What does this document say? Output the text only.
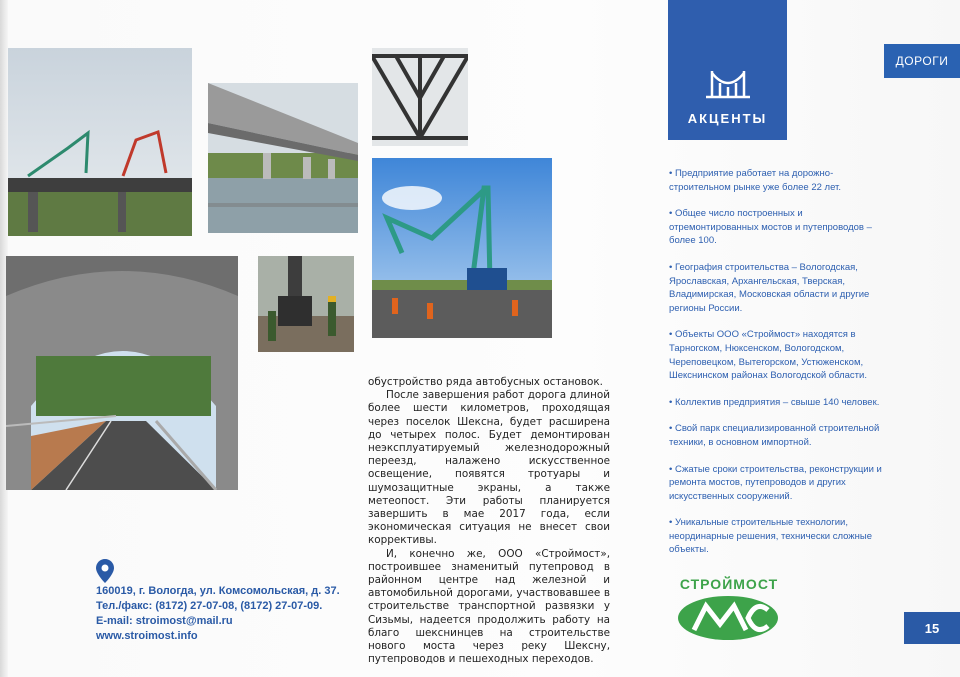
ДОРОГИ
АКЦЕНТЫ
• Предприятие работает на дорожно-строительном рынке уже более 22 лет.
• Общее число построенных и отремонтированных мостов и путепроводов – более 100.
• География строительства – Вологодская, Ярославская, Архангельская, Тверская, Владимирская, Московская области и другие регионы России.
• Объекты ООО «Строймост» находятся в Тарногском, Нюксенском, Вологодском, Череповецком, Вытегорском, Устюженском, Шекснинском районах Вологодской области.
• Коллектив предприятия – свыше 140 человек.
• Свой парк специализированной строительной техники, в основном импортной.
• Сжатые сроки строительства, реконструкции и ремонта мостов, путепроводов и других искусственных сооружений.
• Уникальные строительные технологии, неординарные решения, технически сложные объекты.

обустройство ряда автобусных остановок.

После завершения работ дорога длиной более шести километров, проходящая через поселок Шексна, будет расширена до четырех полос. Будет демонтирован неэксплуатируемый железнодорожный переезд, налажено искусственное освещение, появятся тротуары и шумозащитные экраны, а также метеопост. Эти работы планируется завершить в мае 2017 года, если экономическая ситуация не внесет свои коррективы.

И, конечно же, ООО «Строймост», построившее знаменитый путепровод в районном центре над железной и автомобильной дорогами, участвовавшее в строительстве транспортной развязки у Сизьмы, надеется продолжить работу на благо шекснинцев на строительстве нового моста через реку Шексну, путепроводов и пешеходных переходов.

160019, г. Вологда, ул. Комсомольская, д. 37.
Тел./факс: (8172) 27-07-08, (8172) 27-07-09.
E-mail: stroimost@mail.ru
www.stroimost.info
СТРОЙМОСТ
15
